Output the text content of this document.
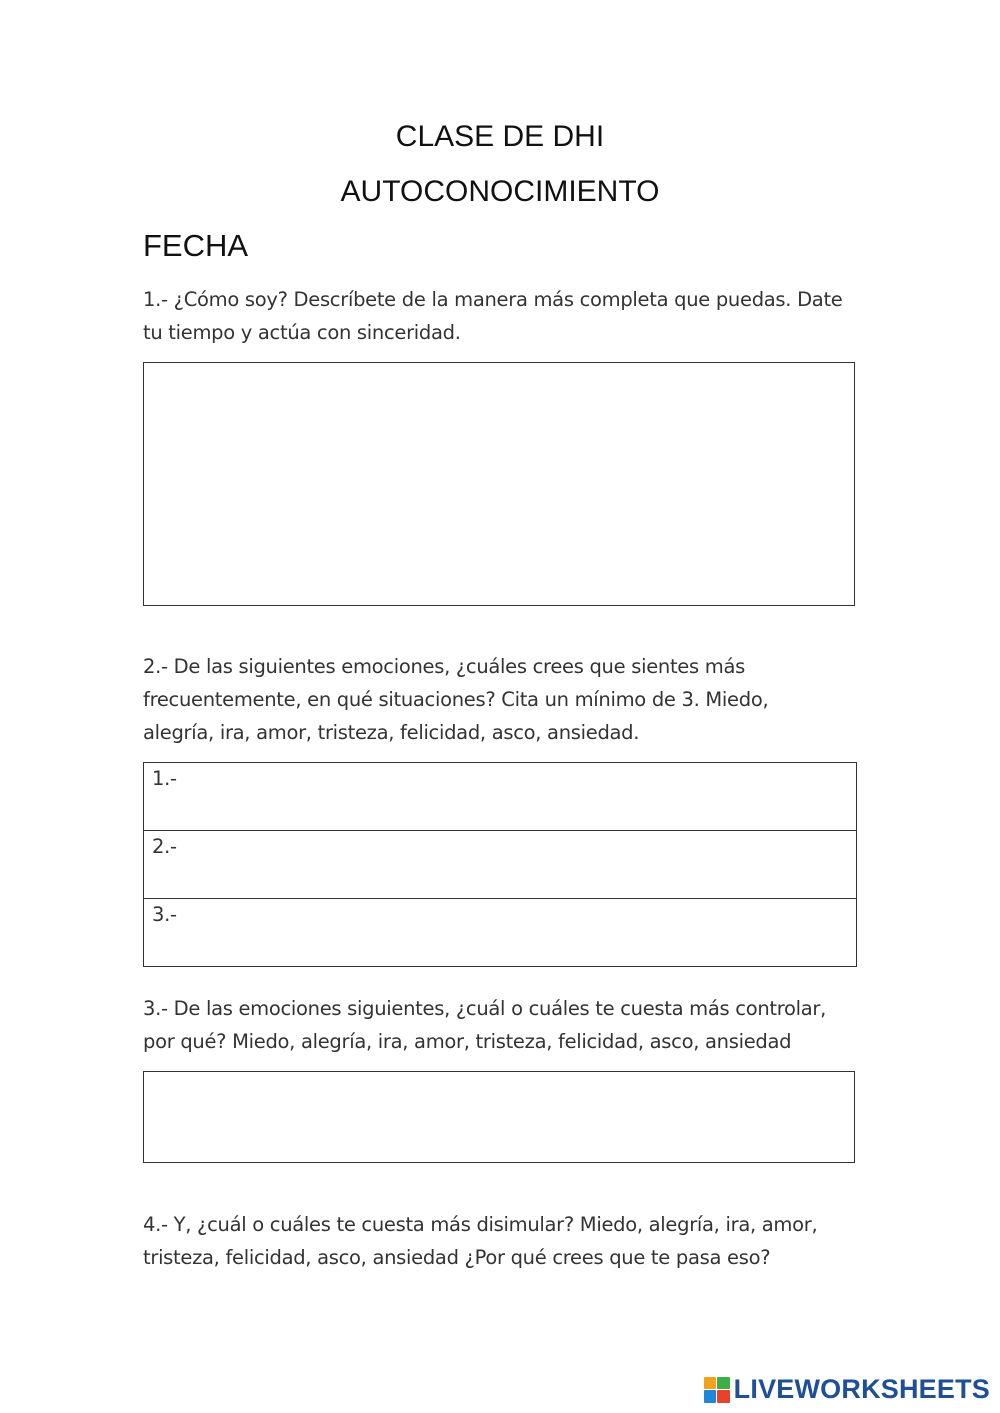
CLASE DE DHI
AUTOCONOCIMIENTO
FECHA

1.- ¿Cómo soy? Descríbete de la manera más completa que puedas. Date tu tiempo y actúa con sinceridad.

2.- De las siguientes emociones, ¿cuáles crees que sientes más frecuentemente, en qué situaciones? Cita un mínimo de 3. Miedo, alegría, ira, amor, tristeza, felicidad, asco, ansiedad.

1.-
2.-
3.-

3.- De las emociones siguientes, ¿cuál o cuáles te cuesta más controlar, por qué? Miedo, alegría, ira, amor, tristeza, felicidad, asco, ansiedad

4.- Y, ¿cuál o cuáles te cuesta más disimular? Miedo, alegría, ira, amor, tristeza, felicidad, asco, ansiedad ¿Por qué crees que te pasa eso?

LIVEWORKSHEETS
